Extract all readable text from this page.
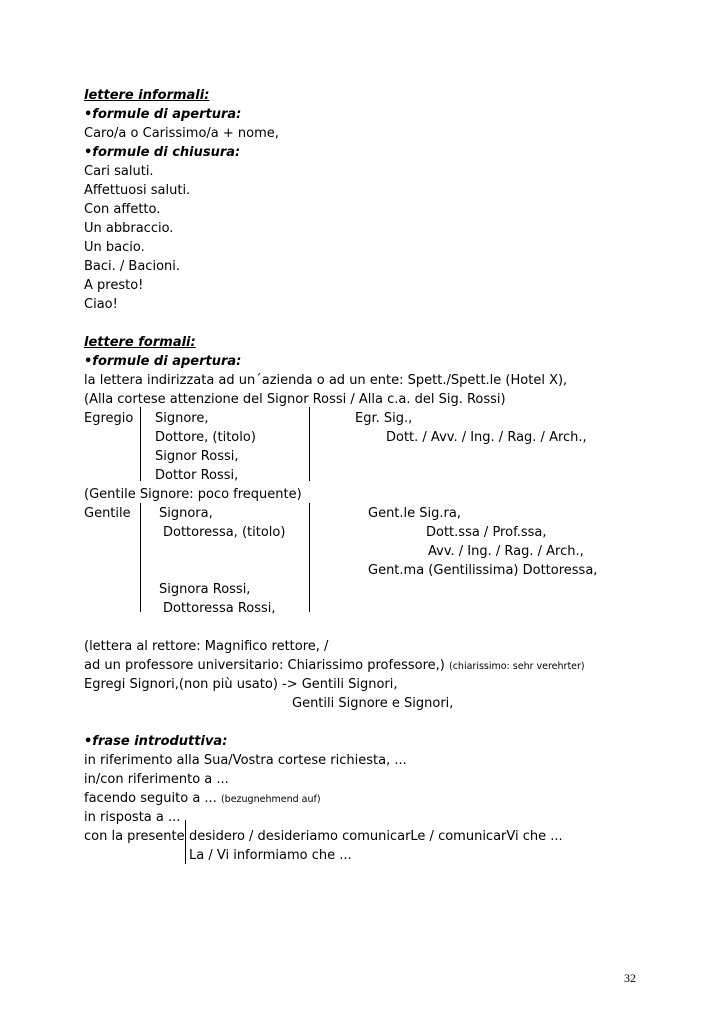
lettere informali:
•formule di apertura:
Caro/a o Carissimo/a + nome,
•formule di chiusura:
Cari saluti.
Affettuosi saluti.
Con affetto.
Un abbraccio.
Un bacio.
Baci. / Bacioni.
A presto!
Ciao!
lettere formali:
•formule di apertura:
la lettera indirizzata ad un´azienda o ad un ente: Spett./Spett.le (Hotel X),
(Alla cortese attenzione del Signor Rossi / Alla c.a. del Sig. Rossi)
Egregio Signore,
Dottore, (titolo)
Signor Rossi,
Dottor Rossi,
Egr. Sig.,
Dott. / Avv. / Ing. / Rag. / Arch.,
(Gentile Signore: poco frequente)
Gentile Signora,
Dottoressa, (titolo)
Signora Rossi,
Dottoressa Rossi,
Gent.le Sig.ra,
Dott.ssa / Prof.ssa,
Avv. / Ing. / Rag. / Arch.,
Gent.ma (Gentilissima) Dottoressa,
(lettera al rettore: Magnifico rettore, /
ad un professore universitario: Chiarissimo professore,) (chiarissimo: sehr verehrter)
Egregi Signori,(non più usato) -> Gentili Signori,
Gentili Signore e Signori,
•frase introduttiva:
in riferimento alla Sua/Vostra cortese richiesta, ...
in/con riferimento a ...
facendo seguito a ... (bezugnehmend auf)
in risposta a ...
con la presente desidero / desideriamo comunicarLe / comunicarVi che ...
La / Vi informiamo che ...
32
